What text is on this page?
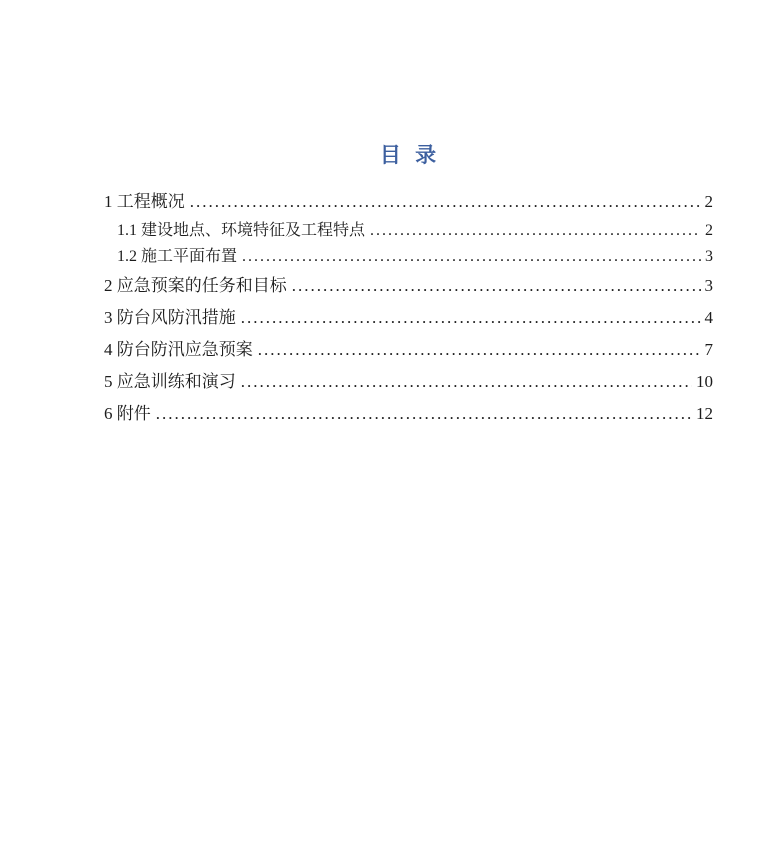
目 录
1 工程概况 .....	2
1.1 建设地点、环境特征及工程特点 .....	2
1.2 施工平面布置 .....	3
2 应急预案的任务和目标 .....	3
3 防台风防汛措施 .....	4
4 防台防汛应急预案 .....	7
5 应急训练和演习 .....	10
6 附件 .....	12
